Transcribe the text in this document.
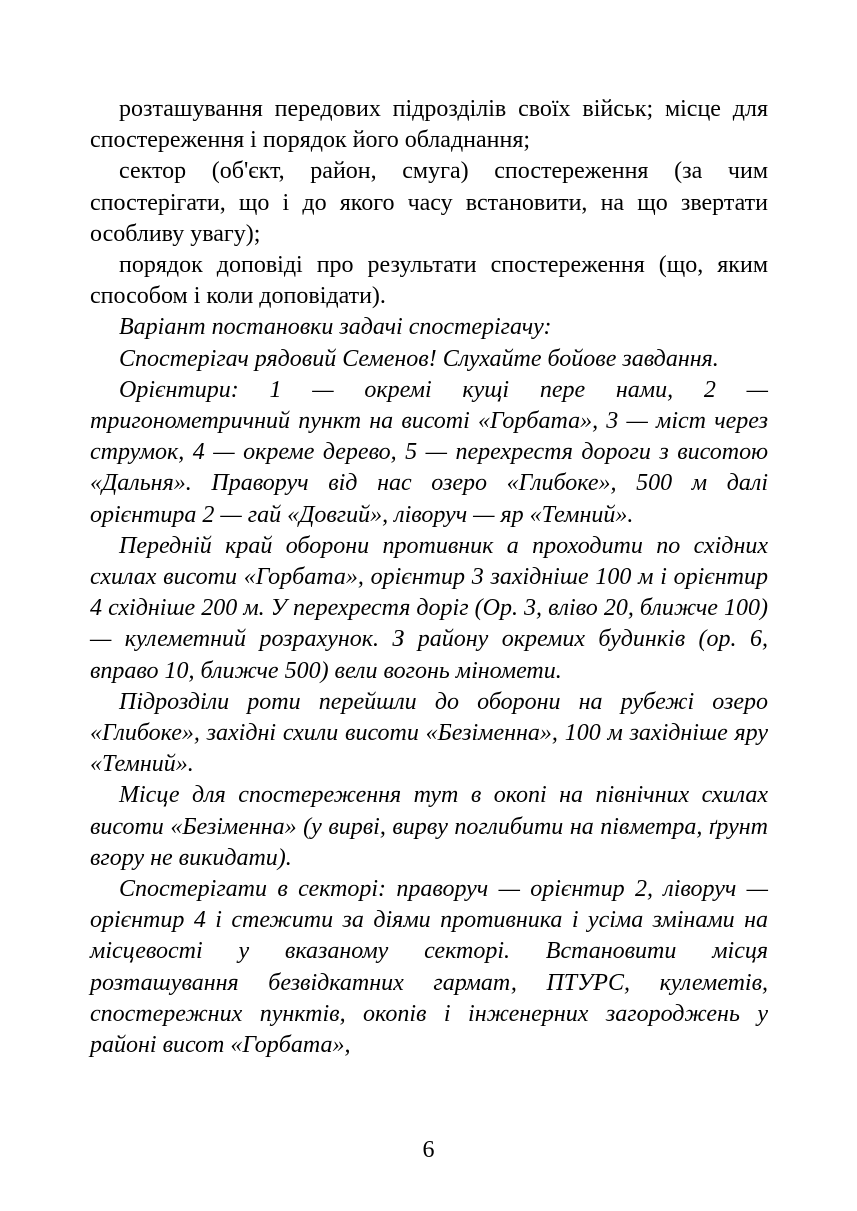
розташування передових підрозділів своїх військ; місце для спостереження і порядок його обладнання;

сектор (об'єкт, район, смуга) спостереження (за чим спостерігати, що і до якого часу встановити, на що звертати особливу увагу);

порядок доповіді про результати спостереження (що, яким способом і коли доповідати).

Варіант постановки задачі спостерігачу:

Спостерігач рядовий Семенов! Слухайте бойове завдання.

Орієнтири: 1 — окремі кущі пере нами, 2 — тригонометричний пункт на висоті «Горбата», 3 — міст через струмок, 4 — окреме дерево, 5 — перехрестя дороги з висотою «Дальня». Праворуч від нас озеро «Глибоке», 500 м далі орієнтира 2 — гай «Довгий», ліворуч — яр «Темний».

Передній край оборони противник а проходити по східних схилах висоти «Горбата», орієнтир 3 західніше 100 м і орієнтир 4 східніше 200 м. У перехрестя доріг (Ор. 3, вліво 20, ближче 100) — кулеметний розрахунок. З району окремих будинків (ор. 6, вправо 10, ближче 500) вели вогонь міномети.

Підрозділи роти перейшли до оборони на рубежі озеро «Глибоке», західні схили висоти «Безіменна», 100 м західніше яру «Темний».

Місце для спостереження тут в окопі на північних схилах висоти «Безіменна» (у вирві, вирву поглибити на півметра, ґрунт вгору не викидати).

Спостерігати в секторі: праворуч — орієнтир 2, ліворуч — орієнтир 4 і стежити за діями противника і усіма змінами на місцевості у вказаному секторі. Встановити місця розташування безвідкатних гармат, ПТУРС, кулеметів, спостережних пунктів, окопів і інженерних загороджень у районі висот «Горбата»,

6
